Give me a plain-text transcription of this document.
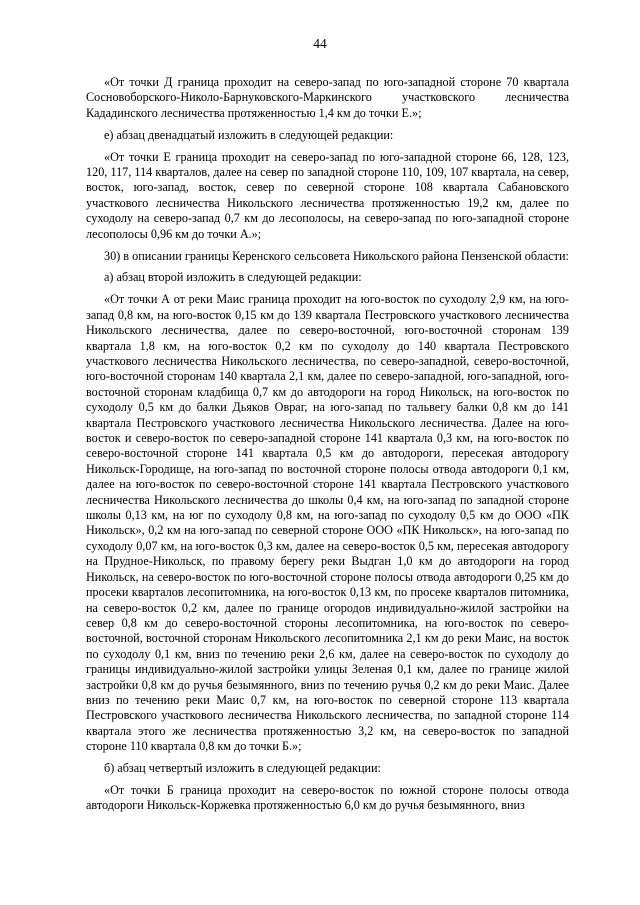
44

«От точки Д граница проходит на северо-запад по юго-западной стороне 70 квартала Сосновоборского-Николо-Барнуковского-Маркинского участковского лесничества Кададинского лесничества протяженностью 1,4 км до точки Е.»;

е) абзац двенадцатый изложить в следующей редакции:

«От точки Е граница проходит на северо-запад по юго-западной стороне 66, 128, 123, 120, 117, 114 кварталов, далее на север по западной стороне 110, 109, 107 квартала, на север, восток, юго-запад, восток, север по северной стороне 108 квартала Сабановского участкового лесничества Никольского лесничества протяженностью 19,2 км, далее по суходолу на северо-запад 0,7 км до лесополосы, на северо-запад по юго-западной стороне лесополосы 0,96 км до точки А.»;

30) в описании границы Керенского сельсовета Никольского района Пензенской области:

а) абзац второй изложить в следующей редакции:

«От точки А от реки Маис граница проходит на юго-восток по суходолу 2,9 км, на юго-запад 0,8 км, на юго-восток 0,15 км до 139 квартала Пестровского участкового лесничества Никольского лесничества, далее по северо-восточной, юго-восточной сторонам 139 квартала 1,8 км, на юго-восток 0,2 км по суходолу до 140 квартала Пестровского участкового лесничества Никольского лесничества, по северо-западной, северо-восточной, юго-восточной сторонам 140 квартала 2,1 км, далее по северо-западной, юго-западной, юго-восточной сторонам кладбища 0,7 км до автодороги на город Никольск, на юго-восток по суходолу 0,5 км до балки Дьяков Овраг, на юго-запад по тальвегу балки 0,8 км до 141 квартала Пестровского участкового лесничества Никольского лесничества. Далее на юго-восток и северо-восток по северо-западной стороне 141 квартала 0,3 км, на юго-восток по северо-восточной стороне 141 квартала 0,5 км до автодороги, пересекая автодорогу Никольск-Городище, на юго-запад по восточной стороне полосы отвода автодороги 0,1 км, далее на юго-восток по северо-восточной стороне 141 квартала Пестровского участкового лесничества Никольского лесничества до школы 0,4 км, на юго-запад по западной стороне школы 0,13 км, на юг по суходолу 0,8 км, на юго-запад по суходолу 0,5 км до ООО «ПК Никольск», 0,2 км на юго-запад по северной стороне ООО «ПК Никольск», на юго-запад по суходолу 0,07 км, на юго-восток 0,3 км, далее на северо-восток 0,5 км, пересекая автодорогу на Прудное-Никольск, по правому берегу реки Выдган 1,0 км до автодороги на город Никольск, на северо-восток по юго-восточной стороне полосы отвода автодороги 0,25 км до просеки кварталов лесопитомника, на юго-восток 0,13 км, по просеке кварталов питомника, на северо-восток 0,2 км, далее по границе огородов индивидуально-жилой застройки на север 0,8 км до северо-восточной стороны лесопитомника, на юго-восток по северо-восточной, восточной сторонам Никольского лесопитомника 2,1 км до реки Маис, на восток по суходолу 0,1 км, вниз по течению реки 2,6 км, далее на северо-восток по суходолу до границы индивидуально-жилой застройки улицы Зеленая 0,1 км, далее по границе жилой застройки 0,8 км до ручья безымянного, вниз по течению ручья 0,2 км до реки Маис. Далее вниз по течению реки Маис 0,7 км, на юго-восток по северной стороне 113 квартала Пестровского участкового лесничества Никольского лесничества, по западной стороне 114 квартала этого же лесничества протяженностью 3,2 км, на северо-восток по западной стороне 110 квартала 0,8 км до точки Б.»;

б) абзац четвертый изложить в следующей редакции:

«От точки Б граница проходит на северо-восток по южной стороне полосы отвода автодороги Никольск-Коржевка протяженностью 6,0 км до ручья безымянного, вниз
